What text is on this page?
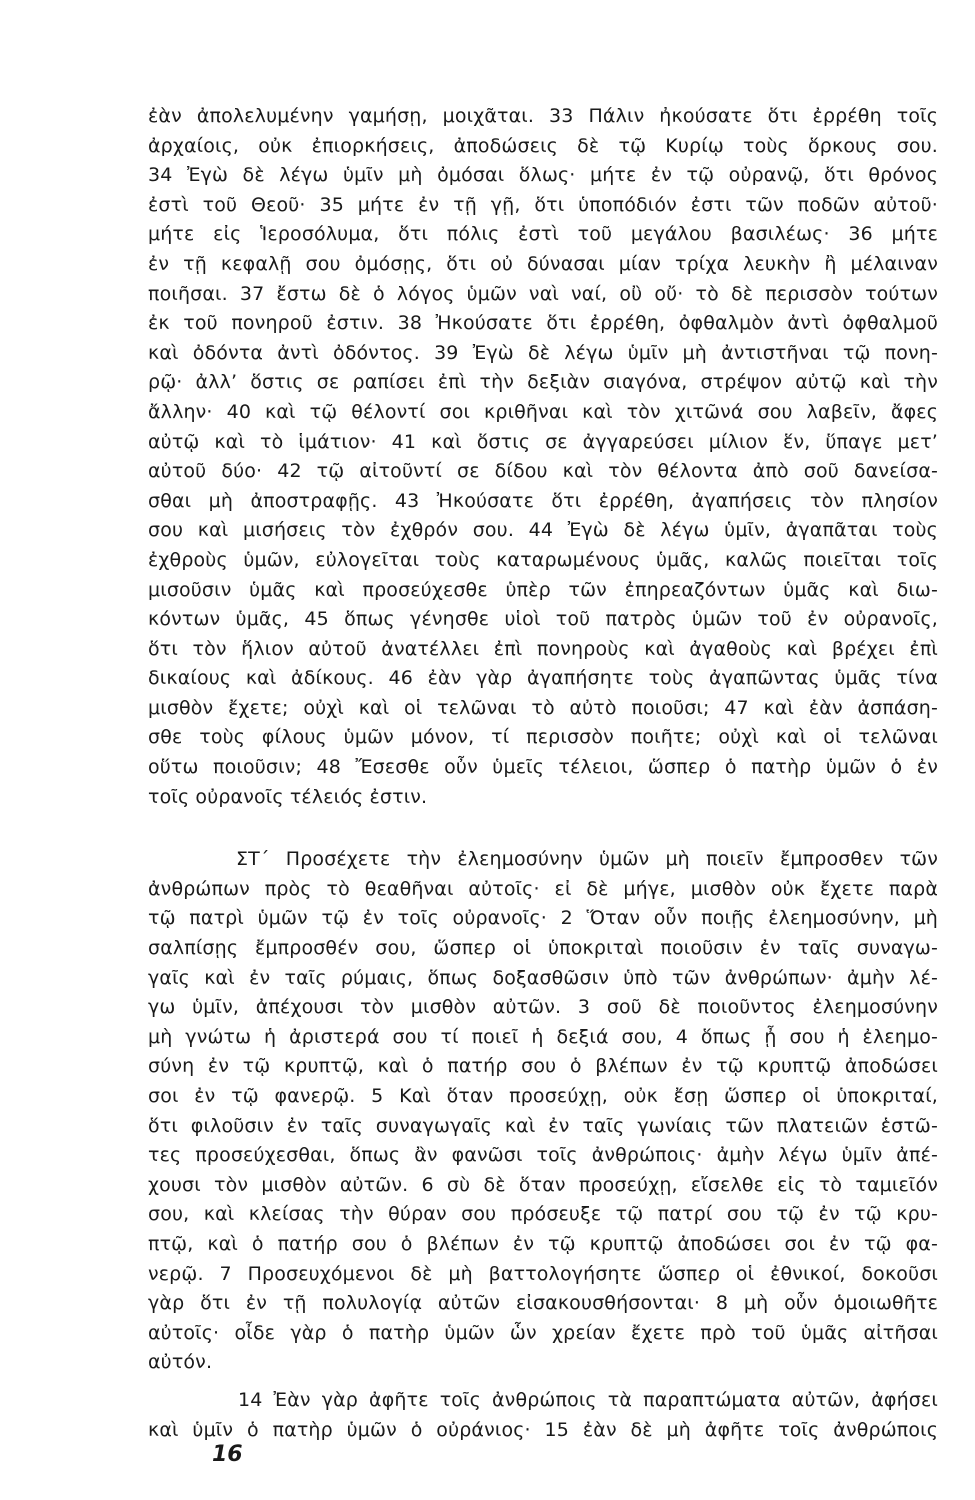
ἐὰν ἀπολελυμένην γαμήσῃ, μοιχᾶται. 33 Πάλιν ἠκούσατε ὅτι ἐρρέθη τοῖς
ἀρχαίοις, οὐκ ἐπιορκήσεις, ἀποδώσεις δὲ τῷ Κυρίῳ τοὺς ὅρκους σου.
34 Ἐγὼ δὲ λέγω ὑμῖν μὴ ὀμόσαι ὅλως· μήτε ἐν τῷ οὐρανῷ, ὅτι θρόνος
ἐστὶ τοῦ Θεοῦ· 35 μήτε ἐν τῇ γῇ, ὅτι ὑποπόδιόν ἐστι τῶν ποδῶν αὐτοῦ·
μήτε εἰς Ἱεροσόλυμα, ὅτι πόλις ἐστὶ τοῦ μεγάλου βασιλέως· 36 μήτε
ἐν τῇ κεφαλῇ σου ὀμόσῃς, ὅτι οὐ δύνασαι μίαν τρίχα λευκὴν ἢ μέλαιναν
ποιῆσαι. 37 ἔστω δὲ ὁ λόγος ὑμῶν ναὶ ναί, οὒ οὔ· τὸ δὲ περισσὸν τούτων
ἐκ τοῦ πονηροῦ ἐστιν. 38 Ἠκούσατε ὅτι ἐρρέθη, ὀφθαλμὸν ἀντὶ ὀφθαλμοῦ
καὶ ὀδόντα ἀντὶ ὀδόντος. 39 Ἐγὼ δὲ λέγω ὑμῖν μὴ ἀντιστῆναι τῷ πονη-
ρῷ· ἀλλ’ ὅστις σε ραπίσει ἐπὶ τὴν δεξιὰν σιαγόνα, στρέψον αὐτῷ καὶ τὴν
ἄλλην· 40 καὶ τῷ θέλοντί σοι κριθῆναι καὶ τὸν χιτῶνά σου λαβεῖν, ἄφες
αὐτῷ καὶ τὸ ἱμάτιον· 41 καὶ ὅστις σε ἀγγαρεύσει μίλιον ἕν, ὕπαγε μετ’
αὐτοῦ δύο· 42 τῷ αἰτοῦντί σε δίδου καὶ τὸν θέλοντα ἀπὸ σοῦ δανείσα-
σθαι μὴ ἀποστραφῇς. 43 Ἠκούσατε ὅτι ἐρρέθη, ἀγαπήσεις τὸν πλησίον
σου καὶ μισήσεις τὸν ἐχθρόν σου. 44 Ἐγὼ δὲ λέγω ὑμῖν, ἀγαπᾶται τοὺς
ἐχθροὺς ὑμῶν, εὐλογεῖται τοὺς καταρωμένους ὑμᾶς, καλῶς ποιεῖται τοῖς
μισοῦσιν ὑμᾶς καὶ προσεύχεσθε ὑπὲρ τῶν ἐπηρεαζόντων ὑμᾶς καὶ διω-
κόντων ὑμᾶς, 45 ὅπως γένησθε υἱοὶ τοῦ πατρὸς ὑμῶν τοῦ ἐν οὐρανοῖς,
ὅτι τὸν ἥλιον αὐτοῦ ἀνατέλλει ἐπὶ πονηροὺς καὶ ἀγαθοὺς καὶ βρέχει ἐπὶ
δικαίους καὶ ἀδίκους. 46 ἐὰν γὰρ ἀγαπήσητε τοὺς ἀγαπῶντας ὑμᾶς τίνα
μισθὸν ἔχετε; οὐχὶ καὶ οἱ τελῶναι τὸ αὐτὸ ποιοῦσι; 47 καὶ ἐὰν ἀσπάση-
σθε τοὺς φίλους ὑμῶν μόνον, τί περισσὸν ποιῆτε; οὐχὶ καὶ οἱ τελῶναι
οὕτω ποιοῦσιν; 48 Ἔσεσθε οὖν ὑμεῖς τέλειοι, ὥσπερ ὁ πατὴρ ὑμῶν ὁ ἐν
τοῖς οὐρανοῖς τέλειός ἐστιν.

ΣΤ΄ Προσέχετε τὴν ἐλεημοσύνην ὑμῶν μὴ ποιεῖν ἔμπροσθεν τῶν
ἀνθρώπων πρὸς τὸ θεαθῆναι αὐτοῖς· εἰ δὲ μήγε, μισθὸν οὐκ ἔχετε παρὰ
τῷ πατρὶ ὑμῶν τῷ ἐν τοῖς οὐρανοῖς· 2 Ὅταν οὖν ποιῇς ἐλεημοσύνην, μὴ
σαλπίσῃς ἔμπροσθέν σου, ὥσπερ οἱ ὑποκριταὶ ποιοῦσιν ἐν ταῖς συναγω-
γαῖς καὶ ἐν ταῖς ρύμαις, ὅπως δοξασθῶσιν ὑπὸ τῶν ἀνθρώπων· ἀμὴν λέ-
γω ὑμῖν, ἀπέχουσι τὸν μισθὸν αὐτῶν. 3 σοῦ δὲ ποιοῦντος ἐλεημοσύνην
μὴ γνώτω ἡ ἀριστερά σου τί ποιεῖ ἡ δεξιά σου, 4 ὅπως ᾖ σου ἡ ἐλεημο-
σύνη ἐν τῷ κρυπτῷ, καὶ ὁ πατήρ σου ὁ βλέπων ἐν τῷ κρυπτῷ ἀποδώσει
σοι ἐν τῷ φανερῷ. 5 Καὶ ὅταν προσεύχῃ, οὐκ ἔσῃ ὥσπερ οἱ ὑποκριταί,
ὅτι φιλοῦσιν ἐν ταῖς συναγωγαῖς καὶ ἐν ταῖς γωνίαις τῶν πλατειῶν ἑστῶ-
τες προσεύχεσθαι, ὅπως ἂν φανῶσι τοῖς ἀνθρώποις· ἀμὴν λέγω ὑμῖν ἀπέ-
χουσι τὸν μισθὸν αὐτῶν. 6 σὺ δὲ ὅταν προσεύχῃ, εἴσελθε εἰς τὸ ταμιεῖόν
σου, καὶ κλείσας τὴν θύραν σου πρόσευξε τῷ πατρί σου τῷ ἐν τῷ κρυ-
πτῷ, καὶ ὁ πατήρ σου ὁ βλέπων ἐν τῷ κρυπτῷ ἀποδώσει σοι ἐν τῷ φα-
νερῷ. 7 Προσευχόμενοι δὲ μὴ βαττολογήσητε ὥσπερ οἱ ἐθνικοί, δοκοῦσι
γὰρ ὅτι ἐν τῇ πολυλογίᾳ αὐτῶν εἰσακουσθήσονται· 8 μὴ οὖν ὁμοιωθῆτε
αὐτοῖς· οἶδε γὰρ ὁ πατὴρ ὑμῶν ὧν χρείαν ἔχετε πρὸ τοῦ ὑμᾶς αἰτῆσαι
αὐτόν.

14 Ἐὰν γὰρ ἀφῆτε τοῖς ἀνθρώποις τὰ παραπτώματα αὐτῶν, ἀφήσει
καὶ ὑμῖν ὁ πατὴρ ὑμῶν ὁ οὐράνιος· 15 ἐὰν δὲ μὴ ἀφῆτε τοῖς ἀνθρώποις

16
